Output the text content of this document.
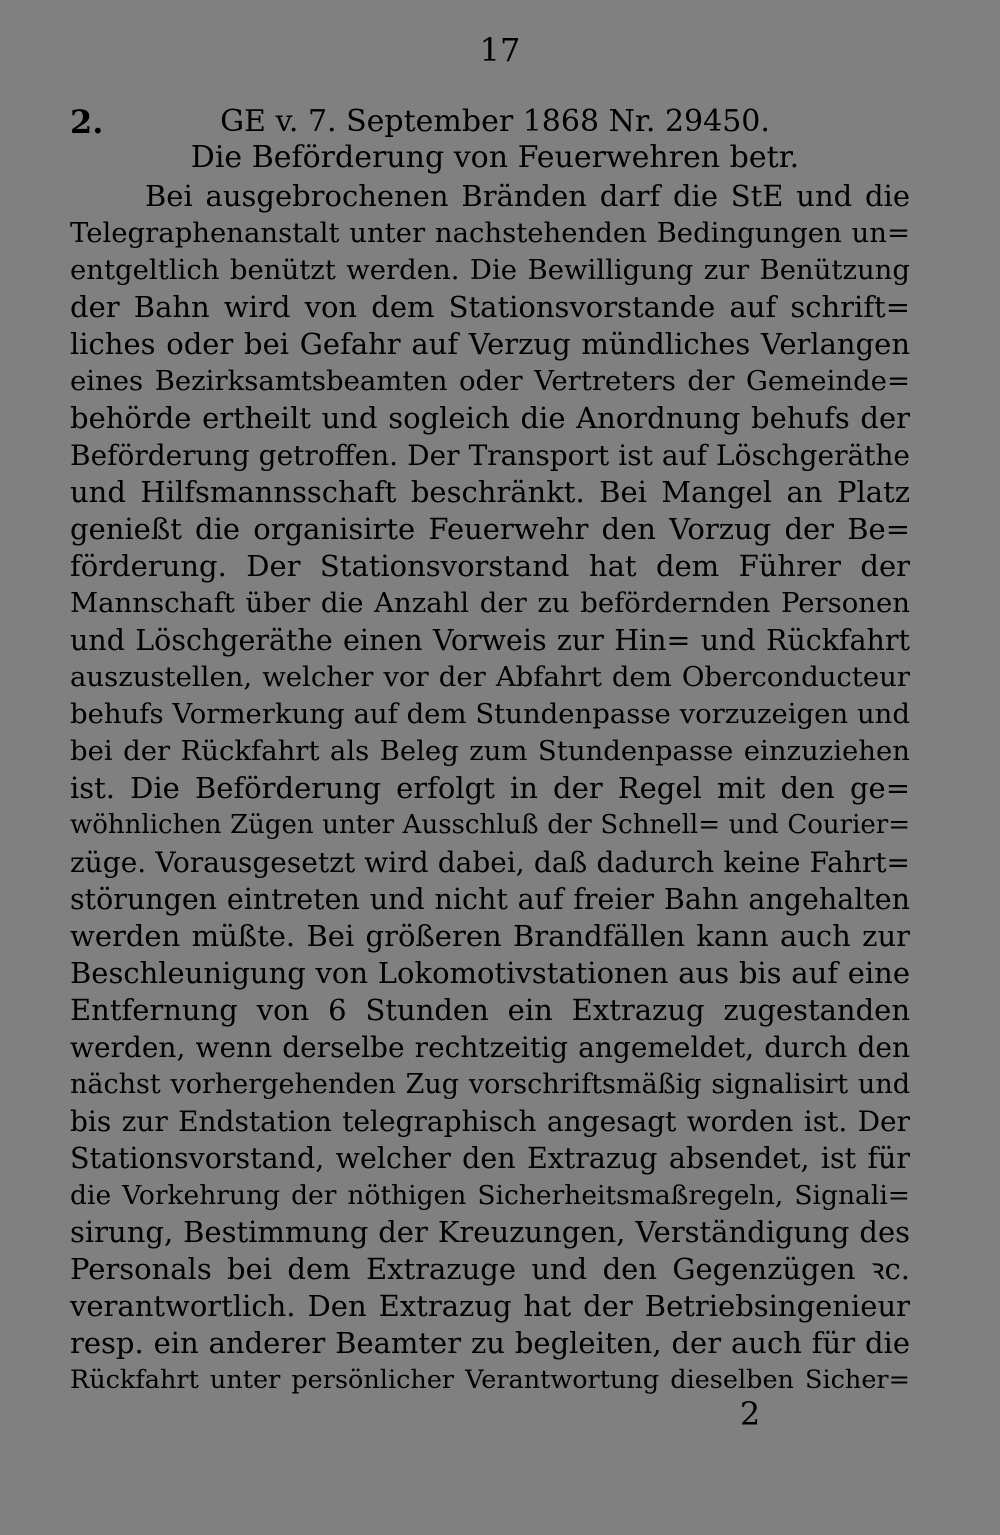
17
2.	GE v. 7. September 1868 Nr. 29450.
Die Beförderung von Feuerwehren betr.
Bei ausgebrochenen Bränden darf die StE und die
Telegraphenanstalt unter nachstehenden Bedingungen un=
entgeltlich benützt werden. Die Bewilligung zur Benützung
der Bahn wird von dem Stationsvorstande auf schrift=
liches oder bei Gefahr auf Verzug mündliches Verlangen
eines Bezirksamtsbeamten oder Vertreters der Gemeinde=
behörde ertheilt und sogleich die Anordnung behufs der
Beförderung getroffen. Der Transport ist auf Löschgeräthe
und Hilfsmannsschaft beschränkt. Bei Mangel an Platz
genießt die organisirte Feuerwehr den Vorzug der Be=
förderung. Der Stationsvorstand hat dem Führer der
Mannschaft über die Anzahl der zu befördernden Personen
und Löschgeräthe einen Vorweis zur Hin= und Rückfahrt
auszustellen, welcher vor der Abfahrt dem Oberconducteur
behufs Vormerkung auf dem Stundenpasse vorzuzeigen und
bei der Rückfahrt als Beleg zum Stundenpasse einzuziehen
ist. Die Beförderung erfolgt in der Regel mit den ge=
wöhnlichen Zügen unter Ausschluß der Schnell= und Courier=
züge. Vorausgesetzt wird dabei, daß dadurch keine Fahrt=
störungen eintreten und nicht auf freier Bahn angehalten
werden müßte. Bei größeren Brandfällen kann auch zur
Beschleunigung von Lokomotivstationen aus bis auf eine
Entfernung von 6 Stunden ein Extrazug zugestanden
werden, wenn derselbe rechtzeitig angemeldet, durch den
nächst vorhergehenden Zug vorschriftsmäßig signalisirt und
bis zur Endstation telegraphisch angesagt worden ist. Der
Stationsvorstand, welcher den Extrazug absendet, ist für
die Vorkehrung der nöthigen Sicherheitsmaßregeln, Signali=
sirung, Bestimmung der Kreuzungen, Verständigung des
Personals bei dem Extrazuge und den Gegenzügen ꝛc.
verantwortlich. Den Extrazug hat der Betriebsingenieur
resp. ein anderer Beamter zu begleiten, der auch für die
Rückfahrt unter persönlicher Verantwortung dieselben Sicher=
2
